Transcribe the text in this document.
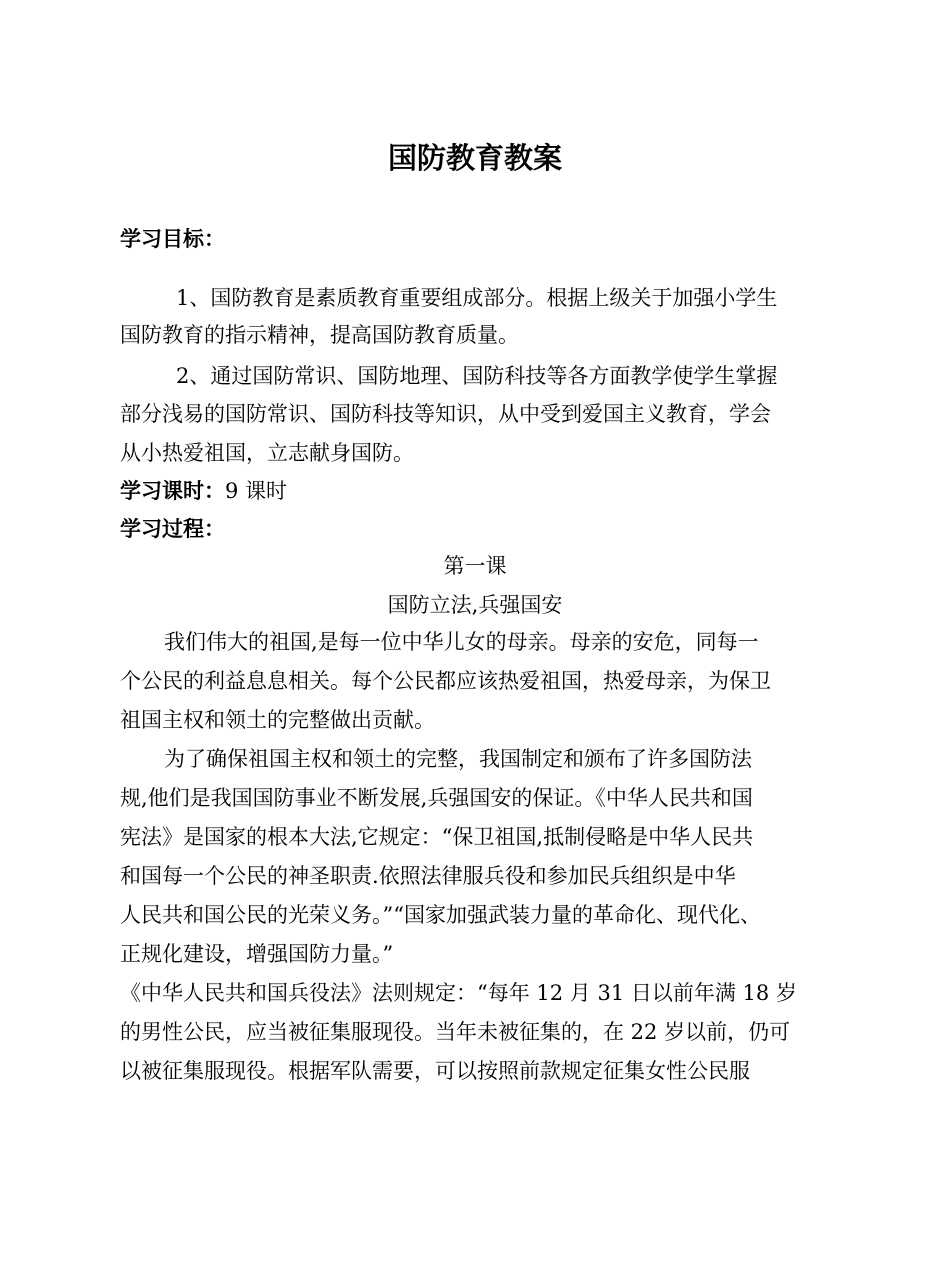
国防教育教案
学习目标：
1、国防教育是素质教育重要组成部分。根据上级关于加强小学生
国防教育的指示精神，提高国防教育质量。
2、通过国防常识、国防地理、国防科技等各方面教学使学生掌握
部分浅易的国防常识、国防科技等知识，从中受到爱国主义教育，学会
从小热爱祖国，立志献身国防。
学习课时：9 课时
学习过程：
第一课
国防立法,兵强国安
我们伟大的祖国,是每一位中华儿女的母亲。母亲的安危，同每一
个公民的利益息息相关。每个公民都应该热爱祖国，热爱母亲，为保卫
祖国主权和领土的完整做出贡献。
为了确保祖国主权和领土的完整，我国制定和颁布了许多国防法
规,他们是我国国防事业不断发展,兵强国安的保证。《中华人民共和国
宪法》是国家的根本大法,它规定：“保卫祖国,抵制侵略是中华人民共
和国每一个公民的神圣职责.依照法律服兵役和参加民兵组织是中华
人民共和国公民的光荣义务。”“国家加强武装力量的革命化、现代化、
正规化建设，增强国防力量。”
《中华人民共和国兵役法》法则规定：“每年 12 月 31 日以前年满 18 岁
的男性公民，应当被征集服现役。当年未被征集的，在 22 岁以前，仍可
以被征集服现役。根据军队需要，可以按照前款规定征集女性公民服
